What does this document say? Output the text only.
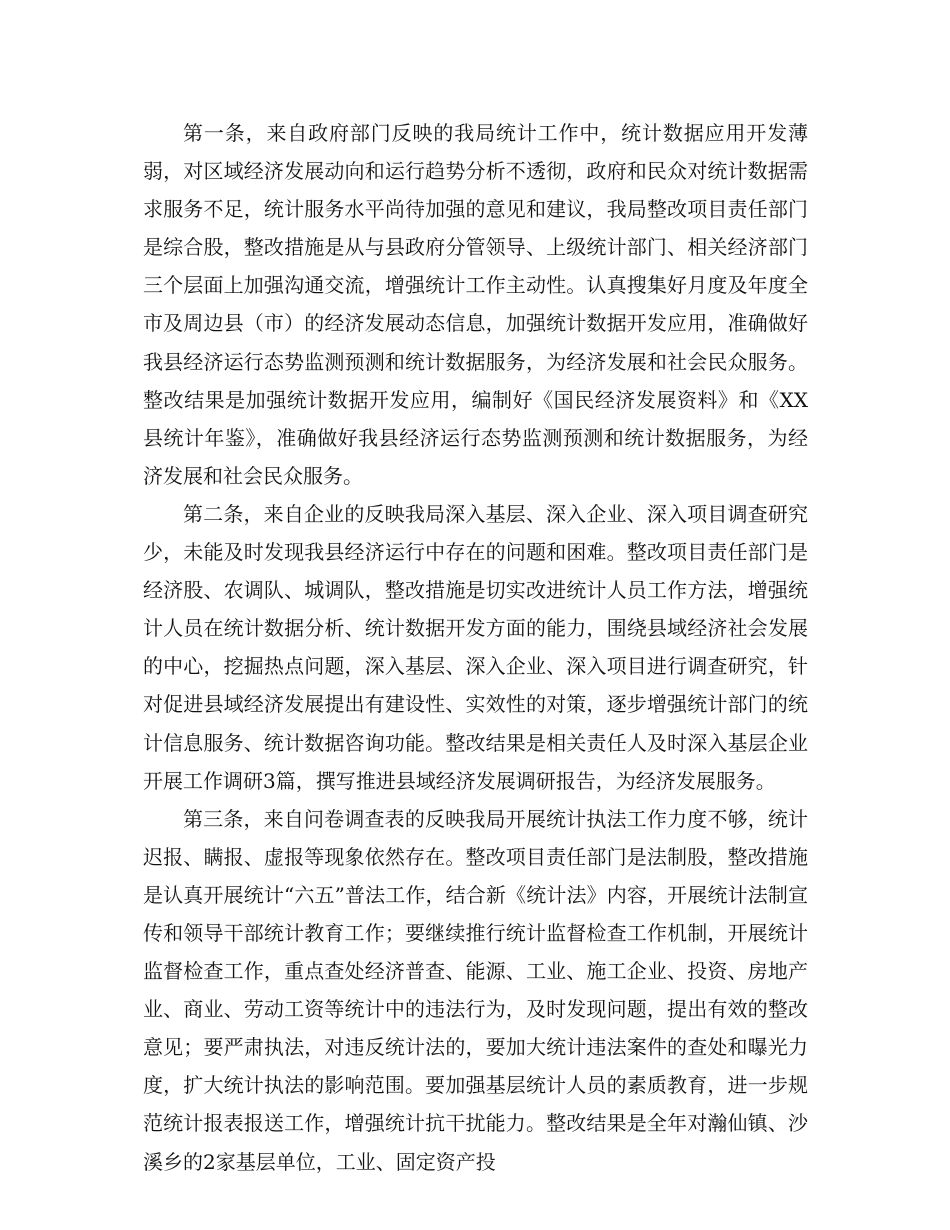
第一条，来自政府部门反映的我局统计工作中，统计数据应用开发薄弱，对区域经济发展动向和运行趋势分析不透彻，政府和民众对统计数据需求服务不足，统计服务水平尚待加强的意见和建议，我局整改项目责任部门是综合股，整改措施是从与县政府分管领导、上级统计部门、相关经济部门三个层面上加强沟通交流，增强统计工作主动性。认真搜集好月度及年度全市及周边县（市）的经济发展动态信息，加强统计数据开发应用，准确做好我县经济运行态势监测预测和统计数据服务，为经济发展和社会民众服务。整改结果是加强统计数据开发应用，编制好《国民经济发展资料》和《XX县统计年鉴》，准确做好我县经济运行态势监测预测和统计数据服务，为经济发展和社会民众服务。

第二条，来自企业的反映我局深入基层、深入企业、深入项目调查研究少，未能及时发现我县经济运行中存在的问题和困难。整改项目责任部门是经济股、农调队、城调队，整改措施是切实改进统计人员工作方法，增强统计人员在统计数据分析、统计数据开发方面的能力，围绕县域经济社会发展的中心，挖掘热点问题，深入基层、深入企业、深入项目进行调查研究，针对促进县域经济发展提出有建设性、实效性的对策，逐步增强统计部门的统计信息服务、统计数据咨询功能。整改结果是相关责任人及时深入基层企业开展工作调研3篇，撰写推进县域经济发展调研报告，为经济发展服务。

第三条，来自问卷调查表的反映我局开展统计执法工作力度不够，统计迟报、瞒报、虚报等现象依然存在。整改项目责任部门是法制股，整改措施是认真开展统计“六五”普法工作，结合新《统计法》内容，开展统计法制宣传和领导干部统计教育工作；要继续推行统计监督检查工作机制，开展统计监督检查工作，重点查处经济普查、能源、工业、施工企业、投资、房地产业、商业、劳动工资等统计中的违法行为，及时发现问题，提出有效的整改意见；要严肃执法，对违反统计法的，要加大统计违法案件的查处和曝光力度，扩大统计执法的影响范围。要加强基层统计人员的素质教育，进一步规范统计报表报送工作，增强统计抗干扰能力。整改结果是全年对瀚仙镇、沙溪乡的2家基层单位，工业、固定资产投
